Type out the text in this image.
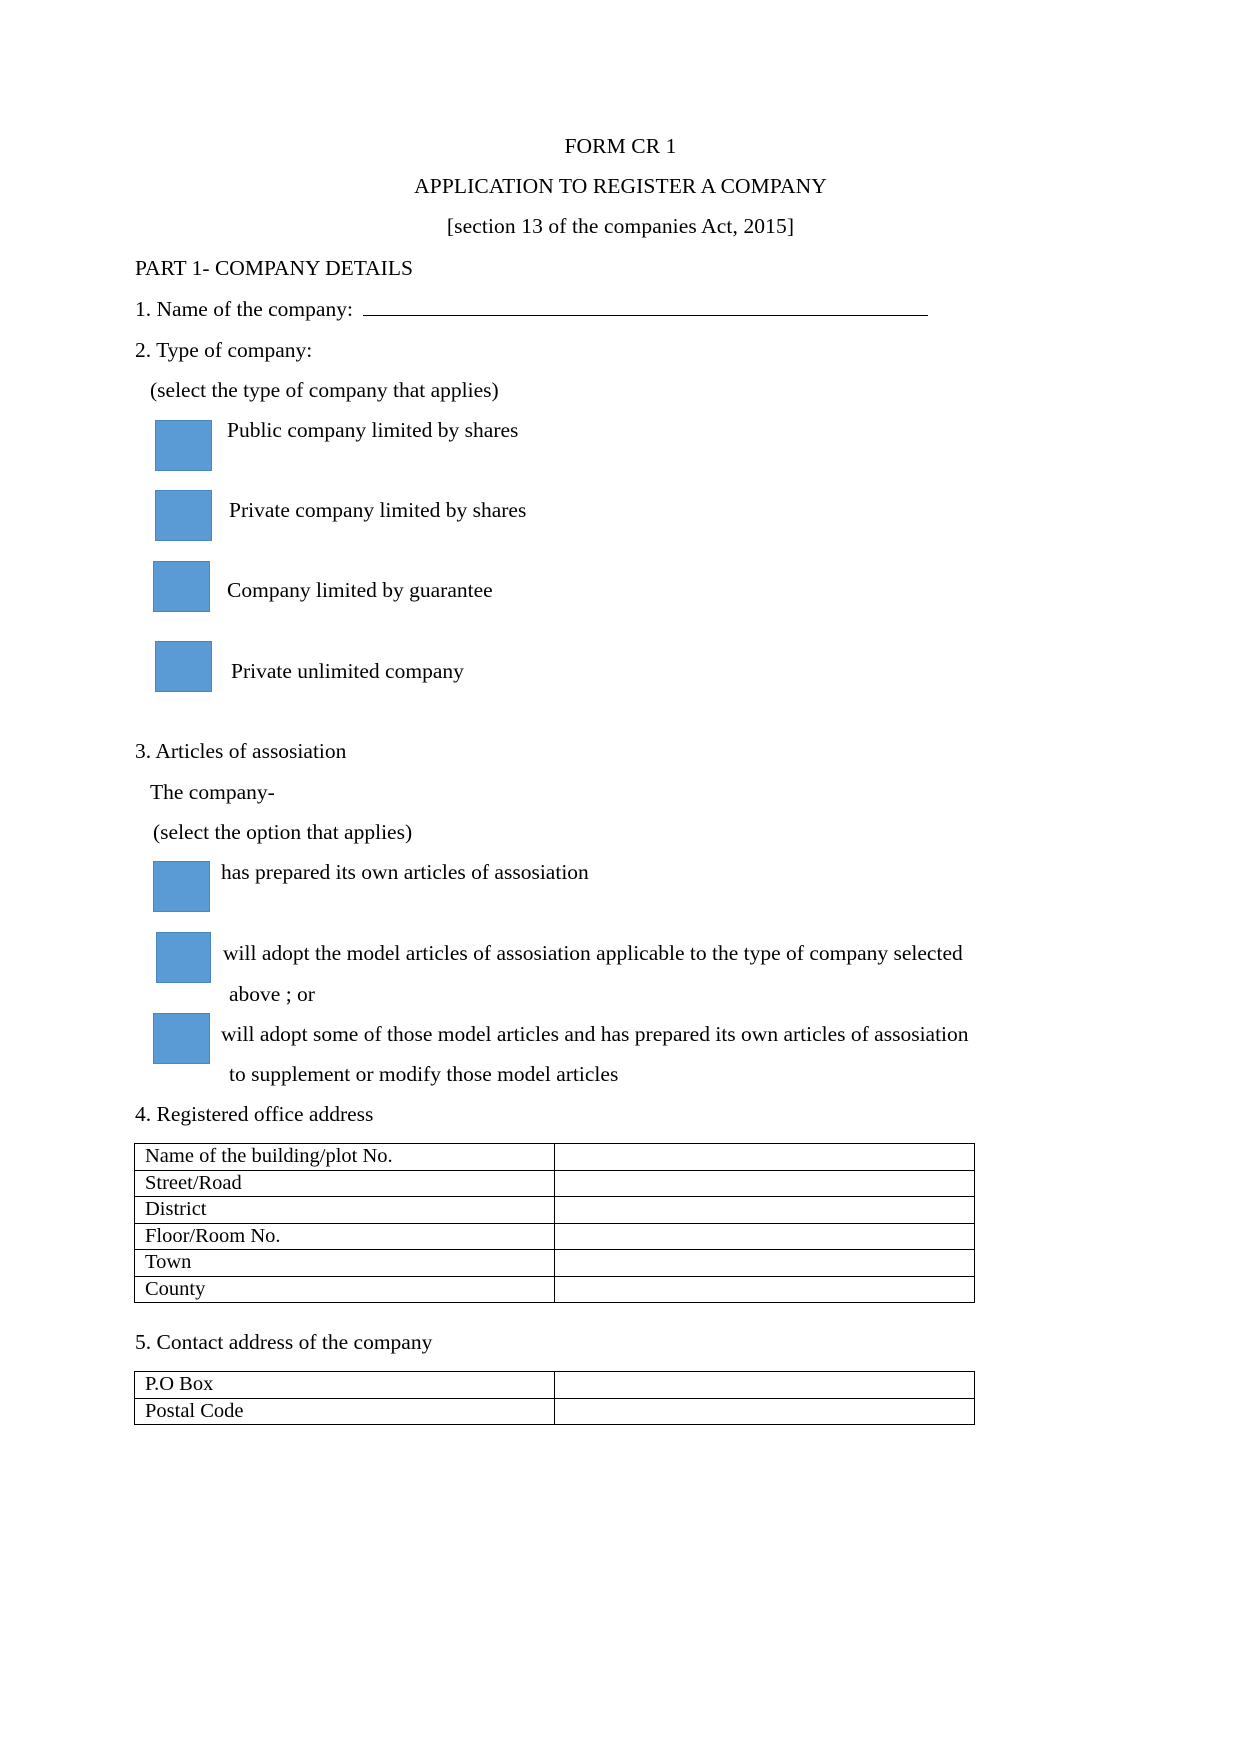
FORM CR 1
APPLICATION TO REGISTER A COMPANY
[section 13 of the companies Act, 2015]
PART 1- COMPANY DETAILS
1. Name of the company:
2. Type of company:
(select the type of company that applies)
Public company limited by shares
Private company limited by shares
Company limited by guarantee
Private unlimited company
3. Articles of assosiation
The company-
(select the option that applies)
has prepared its own articles of assosiation
will adopt the model articles of assosiation applicable to the type of company selected
above ; or
will adopt some of those model articles and has prepared its own articles of assosiation
to supplement or modify those model articles
4. Registered office address
Name of the building/plot No.	
Street/Road	
District	
Floor/Room No.	
Town	
County	
5. Contact address of the company
P.O Box	
Postal Code	
